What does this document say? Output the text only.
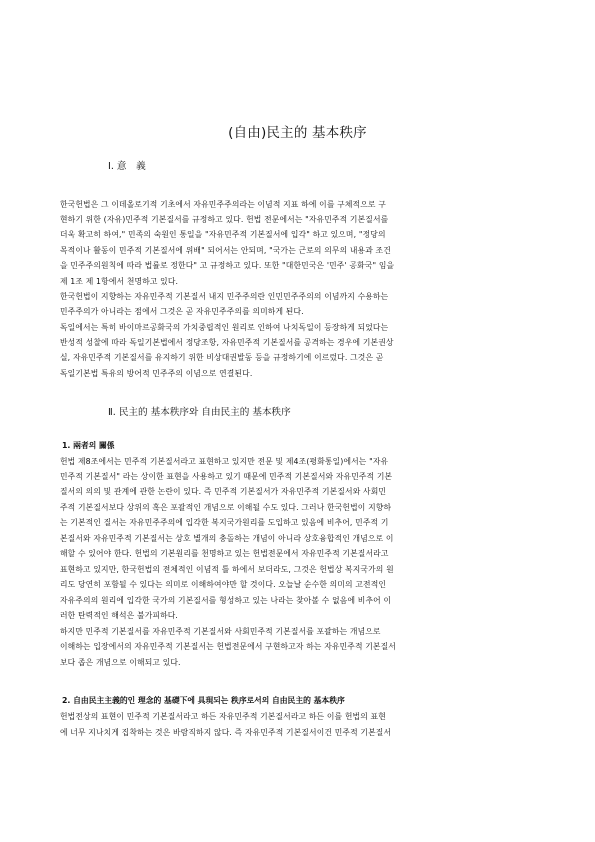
(自由)民主的 基本秩序
Ⅰ. 意　義
한국헌법은 그 이데올로기적 기초에서 자유민주주의라는 이념적 지표 하에 이를 구체적으로 구
현하기 위한 (자유)민주적 기본질서를 규정하고 있다. 헌법 전문에서는 "자유민주적 기본질서를
더욱 확고히 하여," 민족의 숙원인 통일을 "자유민주적 기본질서에 입각" 하고 있으며, "정당의
목적이나 활동이 민주적 기본질서에 위배" 되어서는 안되며, "국가는 근로의 의무의 내용과 조건
을 민주주의원칙에 따라 법률로 정한다" 고 규정하고 있다. 또한 "대한민국은 '민주' 공화국" 임을
제 1조 제 1항에서 천명하고 있다.
한국헌법이 지향하는 자유민주적 기본질서 내지 민주주의란 인민민주주의의 이념까지 수용하는
민주주의가 아니라는 점에서 그것은 곧 자유민주주의를 의미하게 된다.
독일에서는 특히 바이마르공화국의 가치중립적인 원리로 인하여 나치독일이 등장하게 되었다는
반성적 성찰에 따라 독일기본법에서 정당조항, 자유민주적 기본질서를 공격하는 경우에 기본권상
실, 자유민주적 기본질서를 유지하기 위한 비상대권발동 등을 규정하기에 이르렀다. 그것은 곧
독일기본법 특유의 방어적 민주주의 이념으로 연결된다.
Ⅱ. 民主的 基本秩序와 自由民主的 基本秩序
1. 兩者의 關係
헌법 제8조에서는 민주적 기본질서라고 표현하고 있지만 전문 및 제4조(평화통일)에서는 "자유
민주적 기본질서" 라는 상이한 표현을 사용하고 있기 때문에 민주적 기본질서와 자유민주적 기본
질서의 의의 및 관계에 관한 논란이 있다. 즉 민주적 기본질서가 자유민주적 기본질서와 사회민
주적 기본질서보다 상위의 혹은 포괄적인 개념으로 이해될 수도 있다. 그러나 한국헌법이 지향하
는 기본적인 질서는 자유민주주의에 입각한 복지국가원리를 도입하고 있음에 비추어, 민주적 기
본질서와 자유민주적 기본질서는 상호 별개의 충돌하는 개념이 아니라 상호융합적인 개념으로 이
해할 수 있어야 한다. 헌법의 기본원리를 천명하고 있는 헌법전문에서 자유민주적 기본질서라고
표현하고 있지만, 한국헌법의 전체적인 이념적 틀 하에서 보더라도, 그것은 헌법상 복지국가의 원
리도 당연히 포함될 수 있다는 의미로 이해하여야만 할 것이다. 오늘날 순수한 의미의 고전적인
자유주의의 원리에 입각한 국가의 기본질서를 형성하고 있는 나라는 찾아볼 수 없음에 비추어 이
러한 탄력적인 해석은 불가피하다.
하지만 민주적 기본질서를 자유민주적 기본질서와 사회민주적 기본질서를 포괄하는 개념으로
이해하는 입장에서의 자유민주적 기본질서는 헌법전문에서 구현하고자 하는 자유민주적 기본질서
보다 좁은 개념으로 이해되고 있다.
2. 自由民主主義的인 理念的 基礎下에 具現되는 秩序로서의 自由民主的 基本秩序
헌법전상의 표현이 민주적 기본질서라고 하든 자유민주적 기본질서라고 하든 이를 헌법의 표현
에 너무 지나치게 집착하는 것은 바람직하지 않다. 즉 자유민주적 기본질서이건 민주적 기본질서
